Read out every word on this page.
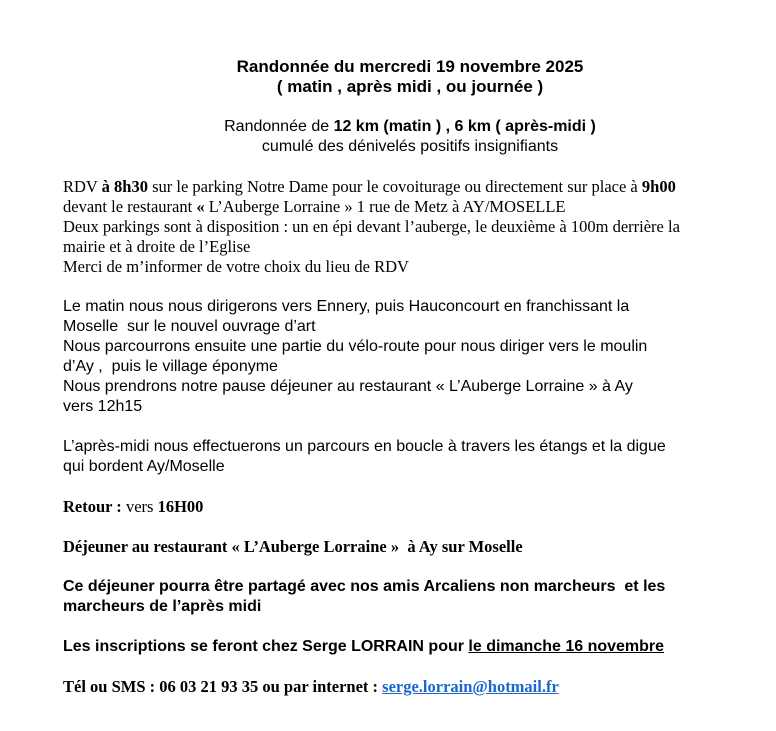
Randonnée du mercredi 19 novembre 2025
( matin , après midi , ou journée )
Randonnée de 12 km (matin ) , 6 km ( après-midi )
cumulé des dénivelés positifs insignifiants
RDV à 8h30 sur le parking Notre Dame pour le covoiturage ou directement sur place à 9h00
devant le restaurant « L’Auberge Lorraine » 1 rue de Metz à AY/MOSELLE
Deux parkings sont à disposition : un en épi devant l’auberge, le deuxième à 100m derrière la
mairie et à droite de l’Eglise
Merci de m’informer de votre choix du lieu de RDV
Le matin nous nous dirigerons vers Ennery, puis Hauconcourt en franchissant la
Moselle  sur le nouvel ouvrage d’art
Nous parcourrons ensuite une partie du vélo-route pour nous diriger vers le moulin
d’Ay ,  puis le village éponyme
Nous prendrons notre pause déjeuner au restaurant « L’Auberge Lorraine » à Ay
vers 12h15
L’après-midi nous effectuerons un parcours en boucle à travers les étangs et la digue
qui bordent Ay/Moselle
Retour : vers 16H00
Déjeuner au restaurant « L’Auberge Lorraine »  à Ay sur Moselle
Ce déjeuner pourra être partagé avec nos amis Arcaliens non marcheurs  et les
marcheurs de l’après midi
Les inscriptions se feront chez Serge LORRAIN pour le dimanche 16 novembre
Tél ou SMS : 06 03 21 93 35 ou par internet : serge.lorrain@hotmail.fr
